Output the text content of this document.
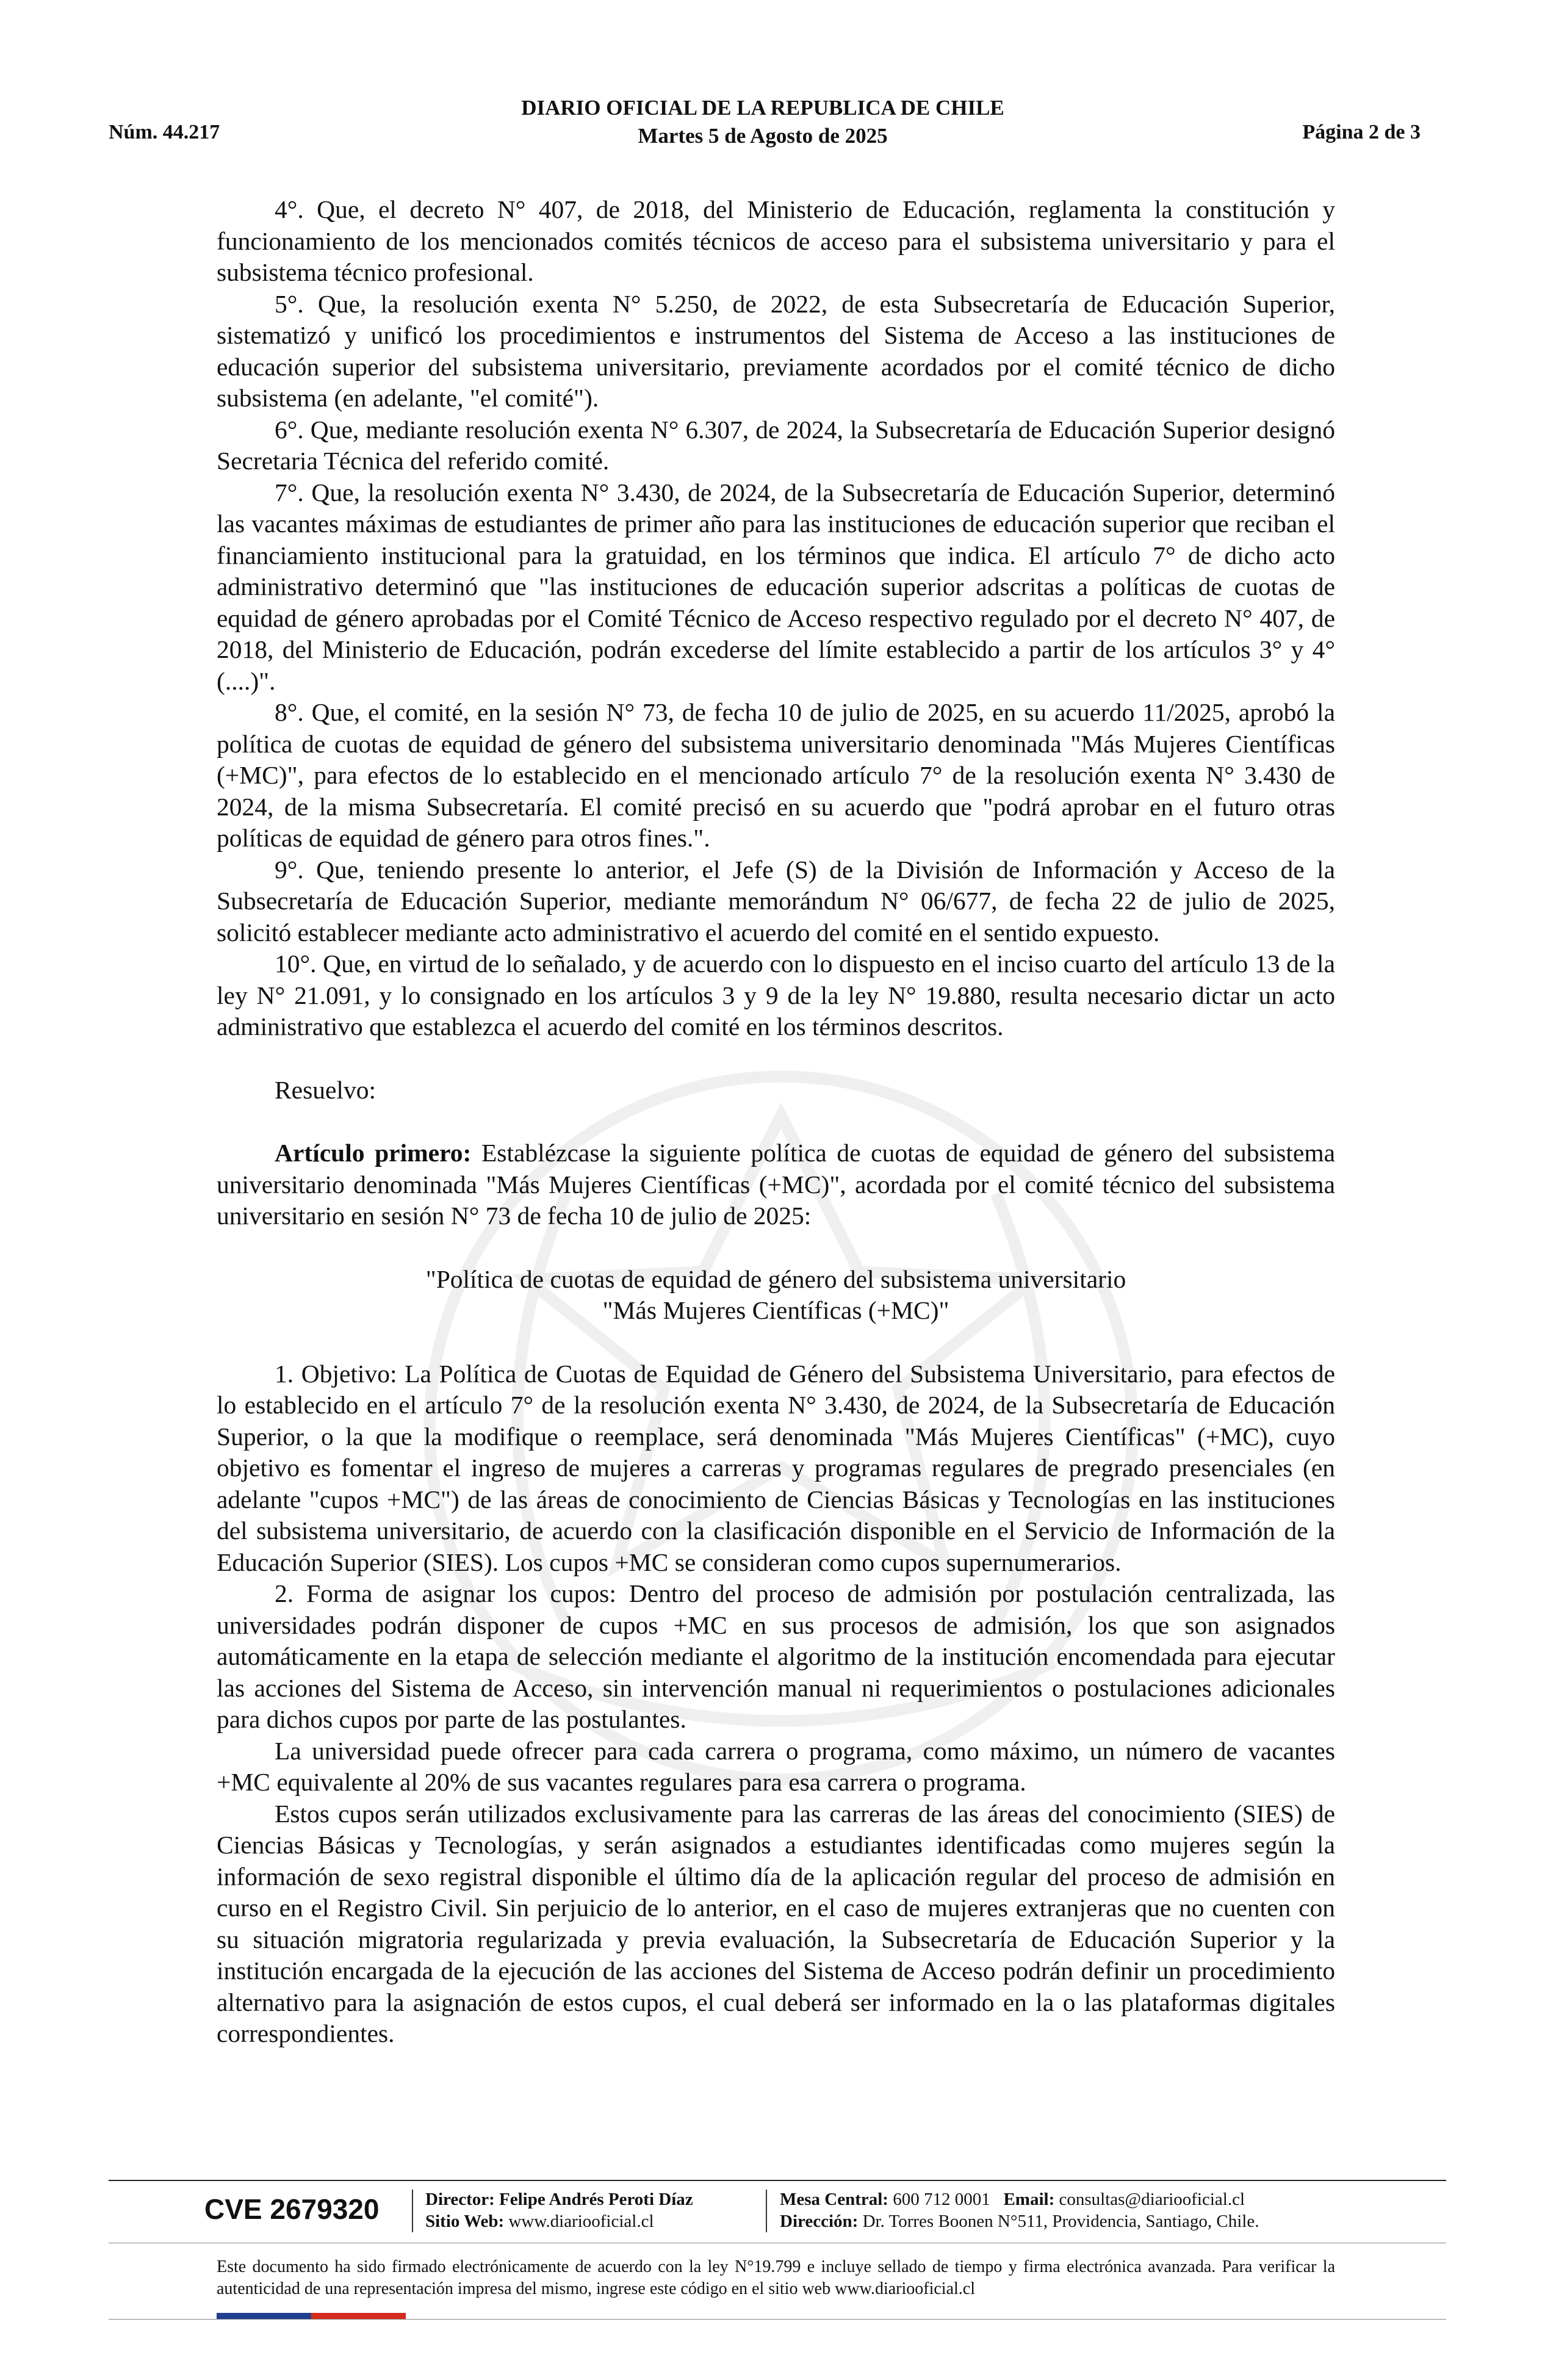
Núm. 44.217
DIARIO OFICIAL DE LA REPUBLICA DE CHILE
Martes 5 de Agosto de 2025	Página 2 de 3

4°. Que, el decreto N° 407, de 2018, del Ministerio de Educación, reglamenta la constitución y funcionamiento de los mencionados comités técnicos de acceso para el subsistema universitario y para el subsistema técnico profesional.

5°. Que, la resolución exenta N° 5.250, de 2022, de esta Subsecretaría de Educación Superior, sistematizó y unificó los procedimientos e instrumentos del Sistema de Acceso a las instituciones de educación superior del subsistema universitario, previamente acordados por el comité técnico de dicho subsistema (en adelante, "el comité").

6°. Que, mediante resolución exenta N° 6.307, de 2024, la Subsecretaría de Educación Superior designó Secretaria Técnica del referido comité.

7°. Que, la resolución exenta N° 3.430, de 2024, de la Subsecretaría de Educación Superior, determinó las vacantes máximas de estudiantes de primer año para las instituciones de educación superior que reciban el financiamiento institucional para la gratuidad, en los términos que indica. El artículo 7° de dicho acto administrativo determinó que "las instituciones de educación superior adscritas a políticas de cuotas de equidad de género aprobadas por el Comité Técnico de Acceso respectivo regulado por el decreto N° 407, de 2018, del Ministerio de Educación, podrán excederse del límite establecido a partir de los artículos 3° y 4°(....)".

8°. Que, el comité, en la sesión N° 73, de fecha 10 de julio de 2025, en su acuerdo 11/2025, aprobó la política de cuotas de equidad de género del subsistema universitario denominada "Más Mujeres Científicas (+MC)", para efectos de lo establecido en el mencionado artículo 7° de la resolución exenta N° 3.430 de 2024, de la misma Subsecretaría. El comité precisó en su acuerdo que "podrá aprobar en el futuro otras políticas de equidad de género para otros fines.".

9°. Que, teniendo presente lo anterior, el Jefe (S) de la División de Información y Acceso de la Subsecretaría de Educación Superior, mediante memorándum N° 06/677, de fecha 22 de julio de 2025, solicitó establecer mediante acto administrativo el acuerdo del comité en el sentido expuesto.

10°. Que, en virtud de lo señalado, y de acuerdo con lo dispuesto en el inciso cuarto del artículo 13 de la ley N° 21.091, y lo consignado en los artículos 3 y 9 de la ley N° 19.880, resulta necesario dictar un acto administrativo que establezca el acuerdo del comité en los términos descritos.

Resuelvo:

Artículo primero: Establézcase la siguiente política de cuotas de equidad de género del subsistema universitario denominada "Más Mujeres Científicas (+MC)", acordada por el comité técnico del subsistema universitario en sesión N° 73 de fecha 10 de julio de 2025:

"Política de cuotas de equidad de género del subsistema universitario
"Más Mujeres Científicas (+MC)"

1. Objetivo: La Política de Cuotas de Equidad de Género del Subsistema Universitario, para efectos de lo establecido en el artículo 7° de la resolución exenta N° 3.430, de 2024, de la Subsecretaría de Educación Superior, o la que la modifique o reemplace, será denominada "Más Mujeres Científicas" (+MC), cuyo objetivo es fomentar el ingreso de mujeres a carreras y programas regulares de pregrado presenciales (en adelante "cupos +MC") de las áreas de conocimiento de Ciencias Básicas y Tecnologías en las instituciones del subsistema universitario, de acuerdo con la clasificación disponible en el Servicio de Información de la Educación Superior (SIES). Los cupos +MC se consideran como cupos supernumerarios.

2. Forma de asignar los cupos: Dentro del proceso de admisión por postulación centralizada, las universidades podrán disponer de cupos +MC en sus procesos de admisión, los que son asignados automáticamente en la etapa de selección mediante el algoritmo de la institución encomendada para ejecutar las acciones del Sistema de Acceso, sin intervención manual ni requerimientos o postulaciones adicionales para dichos cupos por parte de las postulantes.

La universidad puede ofrecer para cada carrera o programa, como máximo, un número de vacantes +MC equivalente al 20% de sus vacantes regulares para esa carrera o programa.

Estos cupos serán utilizados exclusivamente para las carreras de las áreas del conocimiento (SIES) de Ciencias Básicas y Tecnologías, y serán asignados a estudiantes identificadas como mujeres según la información de sexo registral disponible el último día de la aplicación regular del proceso de admisión en curso en el Registro Civil. Sin perjuicio de lo anterior, en el caso de mujeres extranjeras que no cuenten con su situación migratoria regularizada y previa evaluación, la Subsecretaría de Educación Superior y la institución encargada de la ejecución de las acciones del Sistema de Acceso podrán definir un procedimiento alternativo para la asignación de estos cupos, el cual deberá ser informado en la o las plataformas digitales correspondientes.

CVE 2679320	Director: Felipe Andrés Peroti Díaz
Sitio Web: www.diariooficial.cl
Mesa Central: 600 712 0001 Email: consultas@diariooficial.cl
Dirección: Dr. Torres Boonen N°511, Providencia, Santiago, Chile.
Este documento ha sido firmado electrónicamente de acuerdo con la ley N°19.799 e incluye sellado de tiempo y firma electrónica avanzada. Para verificar la autenticidad de una representación impresa del mismo, ingrese este código en el sitio web www.diariooficial.cl
